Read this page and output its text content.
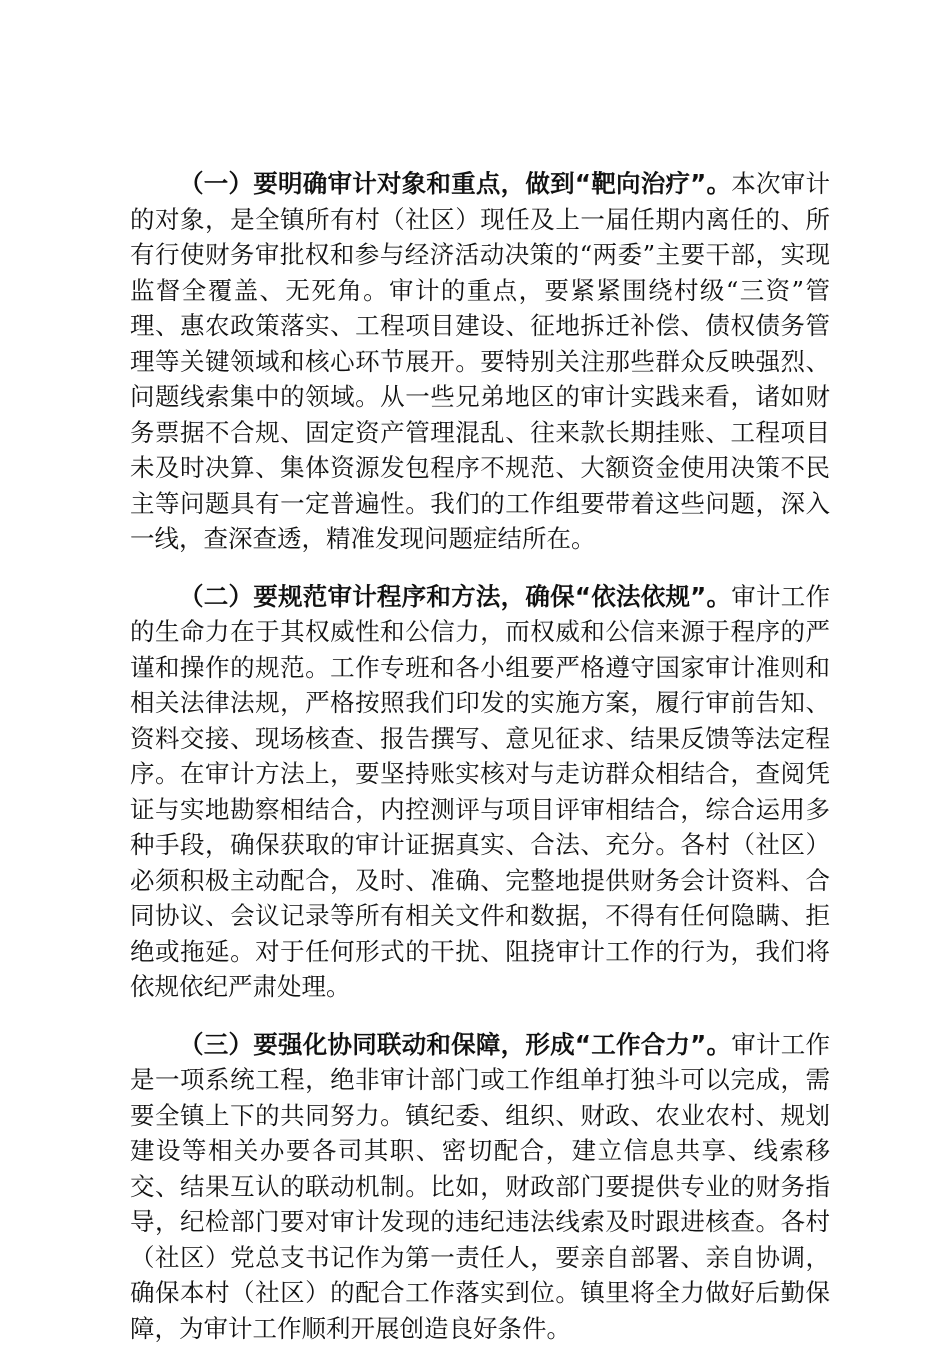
（一）要明确审计对象和重点，做到“靶向治疗”。本次审计的对象，是全镇所有村（社区）现任及上一届任期内离任的、所有行使财务审批权和参与经济活动决策的“两委”主要干部，实现监督全覆盖、无死角。审计的重点，要紧紧围绕村级“三资”管理、惠农政策落实、工程项目建设、征地拆迁补偿、债权债务管理等关键领域和核心环节展开。要特别关注那些群众反映强烈、问题线索集中的领域。从一些兄弟地区的审计实践来看，诸如财务票据不合规、固定资产管理混乱、往来款长期挂账、工程项目未及时决算、集体资源发包程序不规范、大额资金使用决策不民主等问题具有一定普遍性。我们的工作组要带着这些问题，深入一线，查深查透，精准发现问题症结所在。

（二）要规范审计程序和方法，确保“依法依规”。审计工作的生命力在于其权威性和公信力，而权威和公信来源于程序的严谨和操作的规范。工作专班和各小组要严格遵守国家审计准则和相关法律法规，严格按照我们印发的实施方案，履行审前告知、资料交接、现场核查、报告撰写、意见征求、结果反馈等法定程序。在审计方法上，要坚持账实核对与走访群众相结合，查阅凭证与实地勘察相结合，内控测评与项目评审相结合，综合运用多种手段，确保获取的审计证据真实、合法、充分。各村（社区）必须积极主动配合，及时、准确、完整地提供财务会计资料、合同协议、会议记录等所有相关文件和数据，不得有任何隐瞒、拒绝或拖延。对于任何形式的干扰、阻挠审计工作的行为，我们将依规依纪严肃处理。

（三）要强化协同联动和保障，形成“工作合力”。审计工作是一项系统工程，绝非审计部门或工作组单打独斗可以完成，需要全镇上下的共同努力。镇纪委、组织、财政、农业农村、规划建设等相关办要各司其职、密切配合，建立信息共享、线索移交、结果互认的联动机制。比如，财政部门要提供专业的财务指导，纪检部门要对审计发现的违纪违法线索及时跟进核查。各村（社区）党总支书记作为第一责任人，要亲自部署、亲自协调，确保本村（社区）的配合工作落实到位。镇里将全力做好后勤保障，为审计工作顺利开展创造良好条件。
